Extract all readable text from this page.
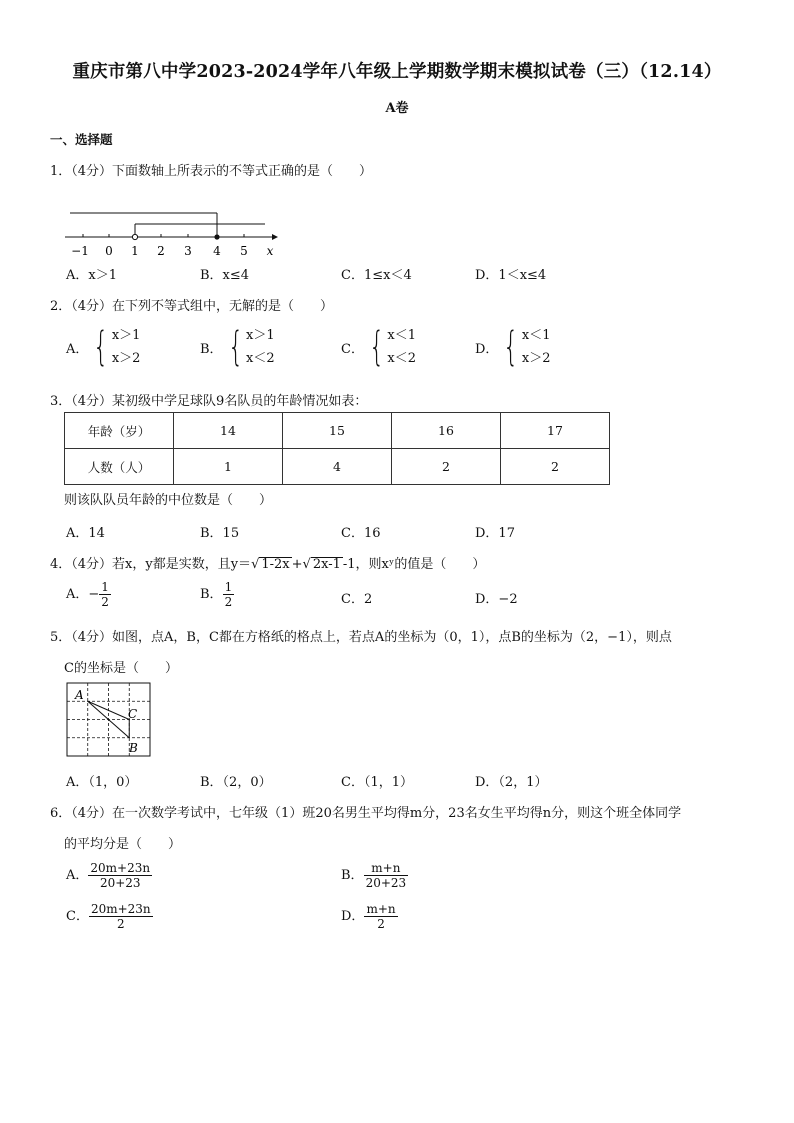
重庆市第八中学2023-2024学年八年级上学期数学期末模拟试卷（三）（12.14）
A卷
一、选择题
1．（4分）下面数轴上所表示的不等式正确的是（　　）
−1 0 1 2 3 4 5 x
A．x＞1	B．x≤4	C．1≤x＜4	D．1＜x≤4
2．（4分）在下列不等式组中，无解的是（　　）
A． { x＞1
x＞2
B． { x＞1
x＜2
C． { x＜1
x＜2
D． { x＜1
x＞2
3．（4分）某初级中学足球队9名队员的年龄情况如表：
年龄（岁）	14	15	16	17
人数（人）	1	4	2	2
则该队队员年龄的中位数是（　　）
A．14	B．15	C．16	D．17
4．（4分）若x，y都是实数，且y＝√ 1-2x +√ 2x-1 -1，则xʸ的值是（　　）
A．− $\frac{1}{2}$	B． $\frac{1}{2}$	C．2	D．−2
5．（4分）如图，点A，B，C都在方格纸的格点上，若点A的坐标为（0，1），点B的坐标为（2，−1），则点
C的坐标是（　　）
A
C
B
A．（1，0）	B．（2，0）	C．（1，1）	D．（2，1）
6．（4分）在一次数学考试中，七年级（1）班20名男生平均得m分，23名女生平均得n分，则这个班全体同学
的平均分是（　　）
A． $\frac{20m+23n}{20+23}$	B． $\frac{m+n}{20+23}$
C． $\frac{20m+23n}{2}$	D． $\frac{m+n}{2}$
